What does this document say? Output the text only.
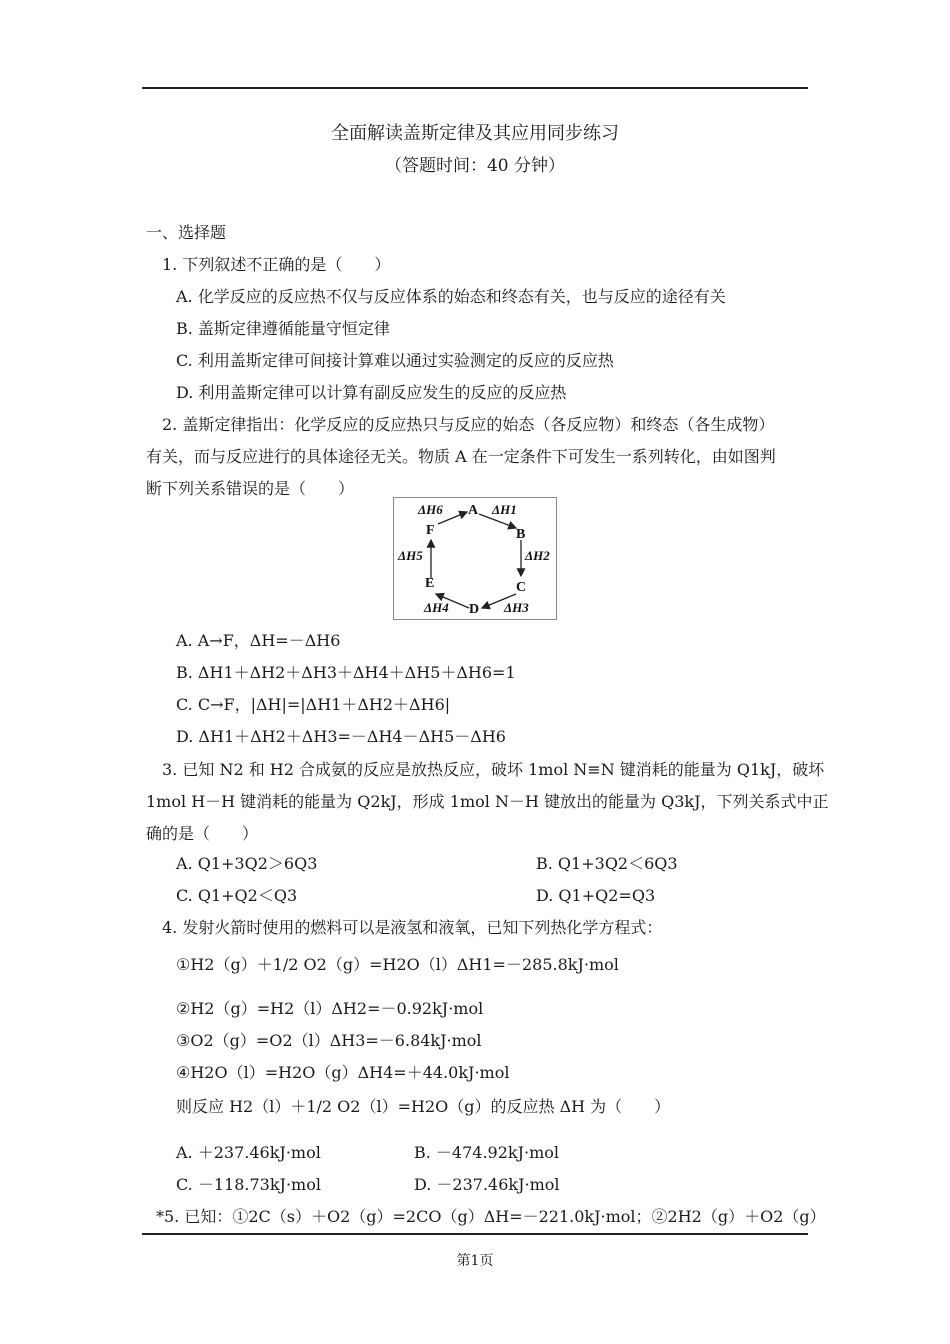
全面解读盖斯定律及其应用同步练习
（答题时间：40 分钟）
一、选择题
1. 下列叙述不正确的是（　　）
A. 化学反应的反应热不仅与反应体系的始态和终态有关，也与反应的途径有关
B. 盖斯定律遵循能量守恒定律
C. 利用盖斯定律可间接计算难以通过实验测定的反应的反应热
D. 利用盖斯定律可以计算有副反应发生的反应的反应热
2. 盖斯定律指出：化学反应的反应热只与反应的始态（各反应物）和终态（各生成物）
有关，而与反应进行的具体途径无关。物质 A 在一定条件下可发生一系列转化，由如图判
断下列关系错误的是（　　）
A
B
C
D
E
F
ΔH1
ΔH2
ΔH3
ΔH4
ΔH5
ΔH6
A. A→F，ΔH=－ΔH6
B. ΔH1＋ΔH2＋ΔH3＋ΔH4＋ΔH5＋ΔH6=1
C. C→F，|ΔH|=|ΔH1＋ΔH2＋ΔH6|
D. ΔH1＋ΔH2＋ΔH3=－ΔH4－ΔH5－ΔH6
3. 已知 N2 和 H2 合成氨的反应是放热反应，破坏 1mol N≡N 键消耗的能量为 Q1kJ，破坏
1mol H－H 键消耗的能量为 Q2kJ，形成 1mol N－H 键放出的能量为 Q3kJ，下列关系式中正
确的是（　　）
A. Q1+3Q2＞6Q3	B. Q1+3Q2＜6Q3
C. Q1+Q2＜Q3	D. Q1+Q2=Q3
4. 发射火箭时使用的燃料可以是液氢和液氧，已知下列热化学方程式：
①H2（g）＋1/2 O2（g）=H2O（l）ΔH1=－285.8kJ·mol
②H2（g）=H2（l）ΔH2=－0.92kJ·mol
③O2（g）=O2（l）ΔH3=－6.84kJ·mol
④H2O（l）=H2O（g）ΔH4=＋44.0kJ·mol
则反应 H2（l）＋1/2 O2（l）=H2O（g）的反应热 ΔH 为（　　）
A. ＋237.46kJ·mol	B. －474.92kJ·mol
C. －118.73kJ·mol	D. －237.46kJ·mol
*5. 已知：①2C（s）＋O2（g）=2CO（g）ΔH=－221.0kJ·mol；②2H2（g）＋O2（g）
第1页
